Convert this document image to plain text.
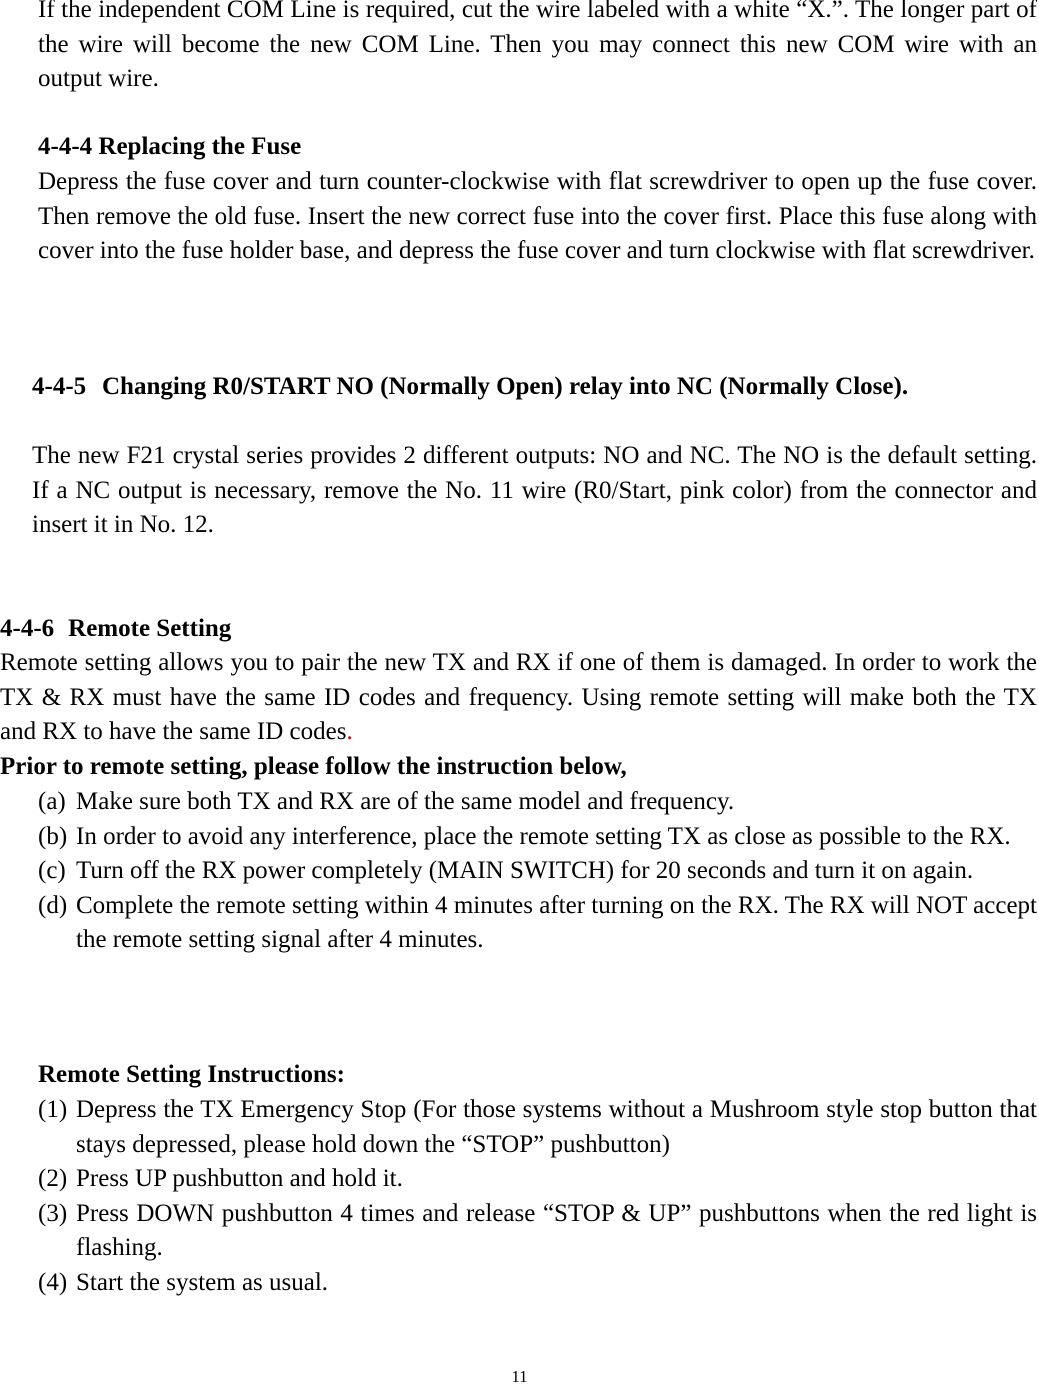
If the independent COM Line is required, cut the wire labeled with a white “X.”. The longer part of the wire will become the new COM Line. Then you may connect this new COM wire with an output wire.

4-4-4 Replacing the Fuse

Depress the fuse cover and turn counter-clockwise with flat screwdriver to open up the fuse cover. Then remove the old fuse. Insert the new correct fuse into the cover first. Place this fuse along with cover into the fuse holder base, and depress the fuse cover and turn clockwise with flat screwdriver.

4-4-5 Changing R0/START NO (Normally Open) relay into NC (Normally Close).

The new F21 crystal series provides 2 different outputs: NO and NC. The NO is the default setting. If a NC output is necessary, remove the No. 11 wire (R0/Start, pink color) from the connector and insert it in No. 12.

4-4-6 Remote Setting

Remote setting allows you to pair the new TX and RX if one of them is damaged. In order to work the TX & RX must have the same ID codes and frequency. Using remote setting will make both the TX and RX to have the same ID codes.

Prior to remote setting, please follow the instruction below,

(a) Make sure both TX and RX are of the same model and frequency.
(b) In order to avoid any interference, place the remote setting TX as close as possible to the RX.
(c) Turn off the RX power completely (MAIN SWITCH) for 20 seconds and turn it on again.
(d) Complete the remote setting within 4 minutes after turning on the RX. The RX will NOT accept the remote setting signal after 4 minutes.

Remote Setting Instructions:

(1) Depress the TX Emergency Stop (For those systems without a Mushroom style stop button that stays depressed, please hold down the “STOP” pushbutton)
(2) Press UP pushbutton and hold it.
(3) Press DOWN pushbutton 4 times and release “STOP & UP” pushbuttons when the red light is flashing.
(4) Start the system as usual.
11
